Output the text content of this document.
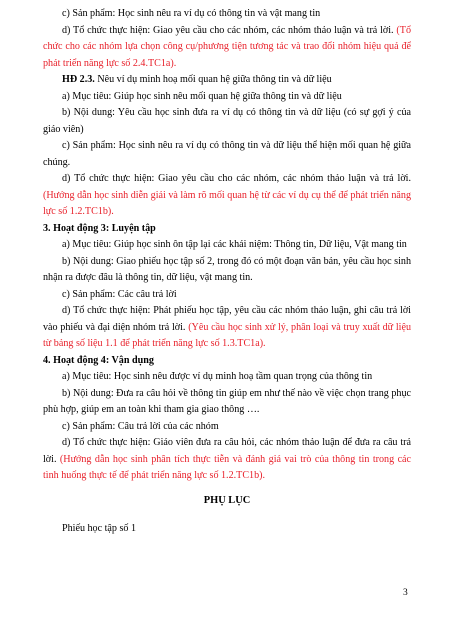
c) Sản phẩm: Học sinh nêu ra ví dụ có thông tin và vật mang tin

d) Tổ chức thực hiện: Giao yêu cầu cho các nhóm, các nhóm thảo luận và trả lời. (Tổ chức cho các nhóm lựa chọn công cụ/phương tiện tương tác và trao đổi nhóm hiệu quả để phát triển năng lực số 2.4.TC1a).

HĐ 2.3. Nêu ví dụ minh hoạ mối quan hệ giữa thông tin và dữ liệu

a) Mục tiêu: Giúp học sinh nêu mối quan hệ giữa thông tin và dữ liệu

b) Nội dung: Yêu cầu học sinh đưa ra ví dụ có thông tin và dữ liệu (có sự gợi ý của giáo viên)

c) Sản phẩm: Học sinh nêu ra ví dụ có thông tin và dữ liệu thể hiện mối quan hệ giữa chúng.

d) Tổ chức thực hiện: Giao yêu cầu cho các nhóm, các nhóm thảo luận và trả lời. (Hướng dẫn học sinh diễn giải và làm rõ mối quan hệ từ các ví dụ cụ thể để phát triển năng lực số 1.2.TC1b).

3. Hoạt động 3: Luyện tập

a) Mục tiêu: Giúp học sinh ôn tập lại các khái niệm: Thông tin, Dữ liệu, Vật mang tin

b) Nội dung: Giao phiếu học tập số 2, trong đó có một đoạn văn bản, yêu cầu học sinh nhận ra được đâu là thông tin, dữ liệu, vật mang tin.

c) Sản phẩm: Các câu trả lời

d) Tổ chức thực hiện: Phát phiếu học tập, yêu cầu các nhóm thảo luận, ghi câu trả lời vào phiếu và đại diện nhóm trả lời. (Yêu cầu học sinh xử lý, phân loại và truy xuất dữ liệu từ bảng số liệu 1.1 để phát triển năng lực số 1.3.TC1a).

4. Hoạt động 4: Vận dụng

a) Mục tiêu: Học sinh nêu được ví dụ minh hoạ tầm quan trọng của thông tin

b) Nội dung: Đưa ra câu hỏi về thông tin giúp em như thế nào về việc chọn trang phục phù hợp, giúp em an toàn khi tham gia giao thông ….

c) Sản phẩm: Câu trả lời của các nhóm

d) Tổ chức thực hiện: Giáo viên đưa ra câu hỏi, các nhóm thảo luận để đưa ra câu trả lời. (Hướng dẫn học sinh phân tích thực tiễn và đánh giá vai trò của thông tin trong các tình huống thực tế để phát triển năng lực số 1.2.TC1b).

PHỤ LỤC

Phiếu học tập số 1

3
